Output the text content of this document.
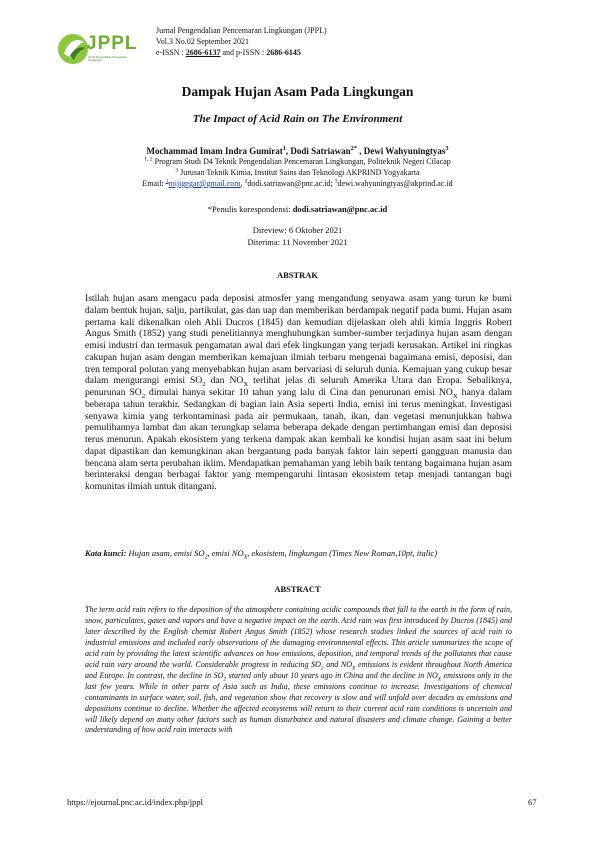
JPPL
Jurnal Pengendalian Pencemaran Lingkungan
Jurnal Pengendalian Pencemaran Lingkungan (JPPL)
Vol.3 No.02 September 2021
e-ISSN : 2686-6137 and p-ISSN : 2686-6145
Dampak Hujan Asam Pada Lingkungan
The Impact of Acid Rain on The Environment
Mochammad Imam Indra Gumirat$^1$, Dodi Satriawan$^{2*}$ , Dewi Wahyuningtyas$^3$
$^{1, 2}$ Program Studi D4 Teknik Pengendalian Pencemaran Lingkungan, Politeknik Negeri Cilacap
$^3$ Jurusan Teknik Kimia, Institut Sains dan Teknologi AKPRIND Yogyakarta
Email: $^1$mijigegar@gmail.com, $^2$dodi.satriawan@pnc.ac.id; $^3$dewi.wahyuningtyas@akprind.ac.id
*Penulis korespondensi: dodi.satriawan@pnc.ac.id
Direview: 6 Oktober 2021
Diterima: 11 November 2021
ABSTRAK
Istilah hujan asam mengacu pada deposisi atmosfer yang mengandung senyawa asam yang turun ke bumi dalam bentuk hujan, salju, partikulat, gas dan uap dan memberikan berdampak negatif pada bumi. Hujan asam pertama kali dikenalkan oleh Ahli Ducros (1845) dan kemudian dijelaskan oleh ahli kimia Inggris Robert Angus Smith (1852) yang studi penelitiannya menghubungkan sumber-sumber terjadinya hujan asam dengan emisi industri dan termasuk pengamatan awal dari efek lingkungan yang terjadi kerusakan. Artikel ini ringkas cakupan hujan asam dengan memberikan kemajuan ilmiah terbaru mengenai bagaimana emisi, deposisi, dan tren temporal polutan yang menyebabkan hujan asam bervariasi di seluruh dunia. Kemajuan yang cukup besar dalam mengurangi emisi $SO_2$ dan $NO_X$ terlihat jelas di seluruh Amerika Utara dan Eropa. Sebaliknya, penurunan $SO_2$ dimulai hanya sekitar 10 tahun yang lalu di Cina dan penurunan emisi $NO_X$ hanya dalam beberapa tahun terakhir. Sedangkan di bagian lain Asia seperti India, emisi ini terus meningkat. Investigasi senyawa kimia yang terkontaminasi pada air permukaan, tanah, ikan, dan vegetasi menunjukkan bahwa pemulihannya lambat dan akan terungkap selama beberapa dekade dengan pertimbangan emisi dan deposisi terus menurun. Apakah ekosistem yang terkena dampak akan kembali ke kondisi hujan asam saat ini belum dapat dipastikan dan kemungkinan akan bergantung pada banyak faktor lain seperti gangguan manusia dan bencana alam serta perubahan iklim. Mendapatkan pemahaman yang lebih baik tentang bagaimana hujan asam berinteraksi dengan berbagai faktor yang mempengaruhi lintasan ekosistem tetap menjadi tantangan bagi komunitas ilmiah untuk ditangani.
Kata kunci: Hujan asam, emisi $SO_2$, emisi $NO_X$, ekosistem, lingkungan (Times New Roman,10pt, italic)
ABSTRACT
The term acid rain refers to the deposition of the atmosphere containing acidic compounds that fall to the earth in the form of rain, snow, particulates, gases and vapors and have a negative impact on the earth. Acid rain was first introduced by Ducros (1845) and later described by the English chemist Robert Angus Smith (1852) whose research studies linked the sources of acid rain to industrial emissions and included early observations of the damaging environmental effects. This article summarizes the scope of acid rain by providing the latest scientific advances on how emissions, deposition, and temporal trends of the pollutants that cause acid rain vary around the world. Considerable progress in reducing $SO_2$ and $NO_X$ emissions is evident throughout North America and Europe. In contrast, the decline in $SO_2$ started only about 10 years ago in China and the decline in $NO_X$ emissions only in the last few years. While in other parts of Asia such as India, these emissions continue to increase. Investigations of chemical contaminants in surface water, soil, fish, and vegetation show that recovery is slow and will unfold over decades as emissions and depositions continue to decline. Whether the affected ecosystems will return to their current acid rain conditions is uncertain and will likely depend on many other factors such as human disturbance and natural disasters and climate change. Gaining a better understanding of how acid rain interacts with
https://ejournal.pnc.ac.id/index.php/jppl	67
